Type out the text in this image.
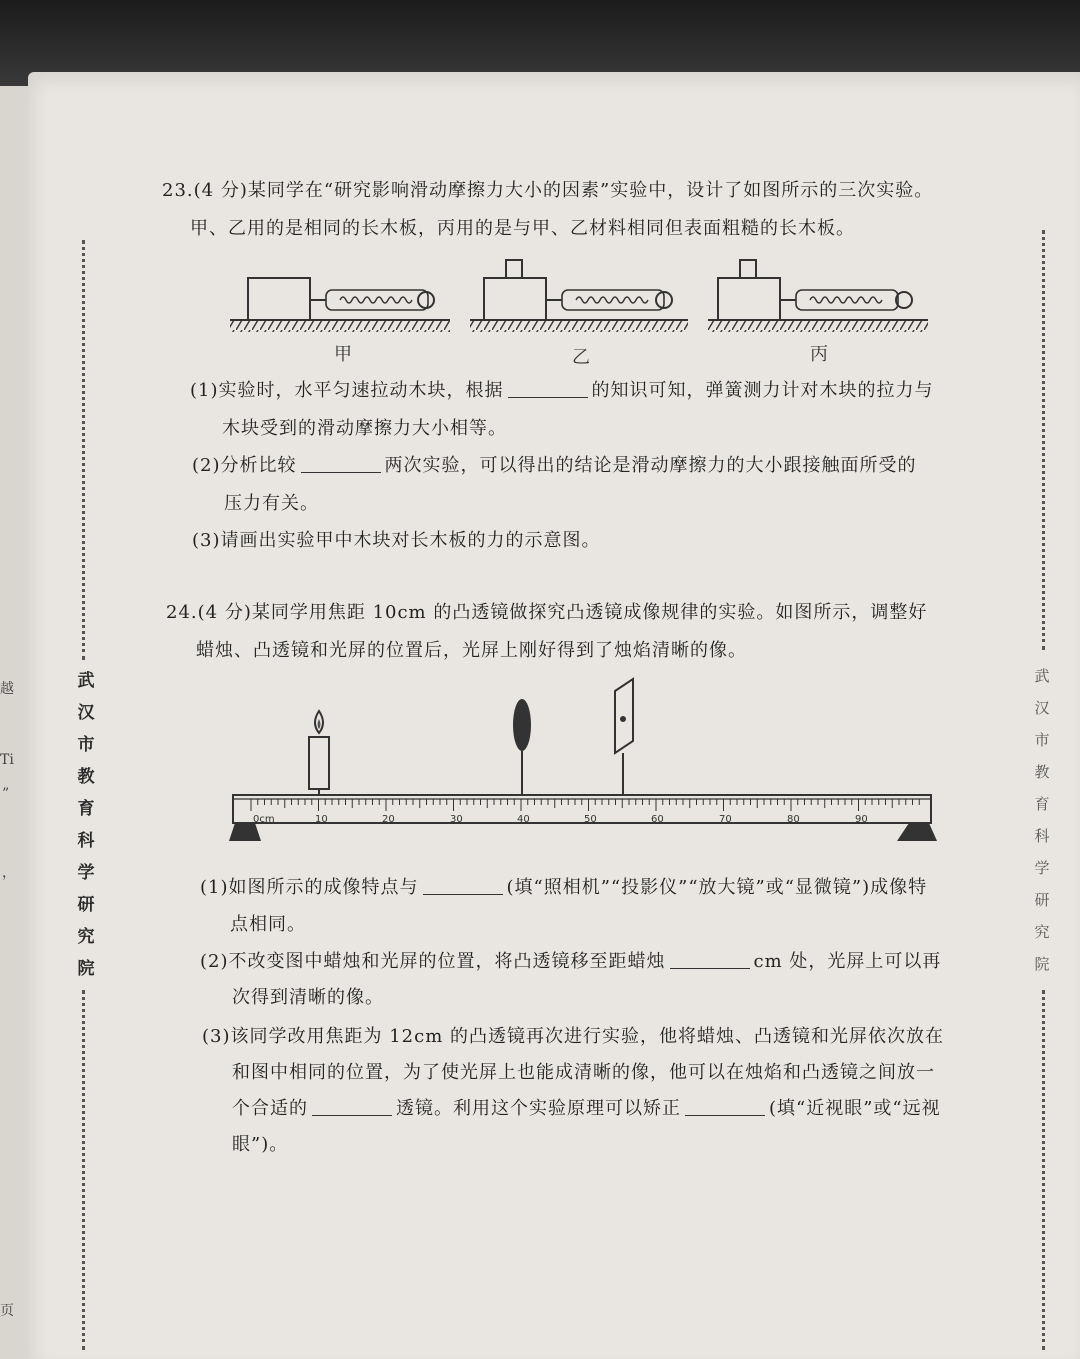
越
Ti
”
，
页
武
汉
市
教
育
科
学
研
究
院
武
汉
市
教
育
科
学
研
究
院
23.(4 分)某同学在“研究影响滑动摩擦力大小的因素”实验中，设计了如图所示的三次实验。
甲、乙用的是相同的长木板，丙用的是与甲、乙材料相同但表面粗糙的长木板。
甲	乙	丙
(1)实验时，水平匀速拉动木块，根据	的知识可知，弹簧测力计对木块的拉力与
木块受到的滑动摩擦力大小相等。
(2)分析比较	两次实验，可以得出的结论是滑动摩擦力的大小跟接触面所受的
压力有关。
(3)请画出实验甲中木块对长木板的力的示意图。
24.(4 分)某同学用焦距 10cm 的凸透镜做探究凸透镜成像规律的实验。如图所示，调整好
蜡烛、凸透镜和光屏的位置后，光屏上刚好得到了烛焰清晰的像。
0cm	10	20	30	40	50	60	70	80	90
(1)如图所示的成像特点与	(填“照相机”“投影仪”“放大镜”或“显微镜”)成像特
点相同。
(2)不改变图中蜡烛和光屏的位置，将凸透镜移至距蜡烛	cm 处，光屏上可以再
次得到清晰的像。
(3)该同学改用焦距为 12cm 的凸透镜再次进行实验，他将蜡烛、凸透镜和光屏依次放在
和图中相同的位置，为了使光屏上也能成清晰的像，他可以在烛焰和凸透镜之间放一
个合适的	透镜。利用这个实验原理可以矫正	(填“近视眼”或“远视
眼”)。
